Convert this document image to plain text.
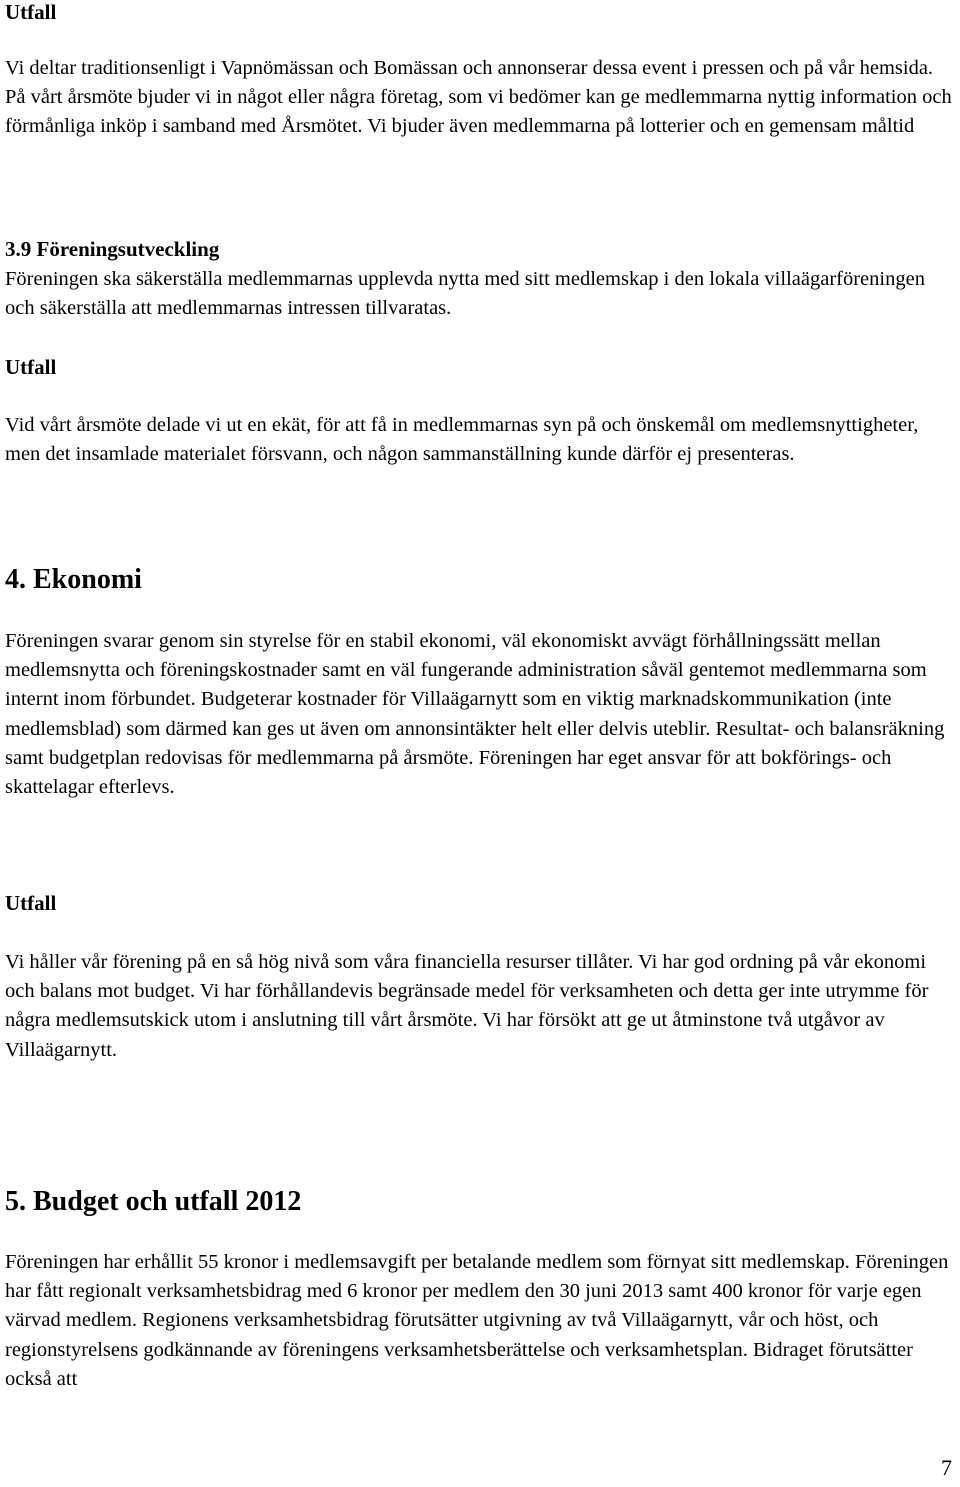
Utfall

Vi deltar traditionsenligt i Vapnömässan och Bomässan och annonserar dessa event i pressen och på vår hemsida. På vårt årsmöte bjuder vi in något eller några företag, som vi bedömer kan ge medlemmarna nyttig information och förmånliga inköp i samband med Årsmötet. Vi bjuder även medlemmarna på lotterier och en gemensam måltid

3.9 Föreningsutveckling

Föreningen ska säkerställa medlemmarnas upplevda nytta med sitt medlemskap i den lokala villaägarföreningen och säkerställa att medlemmarnas intressen tillvaratas.

Utfall

Vid vårt årsmöte delade vi ut en ekät, för att få in medlemmarnas syn på och önskemål om medlemsnyttigheter, men det insamlade materialet försvann, och någon sammanställning kunde därför ej presenteras.

4. Ekonomi

Föreningen svarar genom sin styrelse för en stabil ekonomi, väl ekonomiskt avvägt förhållningssätt mellan medlemsnytta och föreningskostnader samt en väl fungerande administration såväl gentemot medlemmarna som internt inom förbundet. Budgeterar kostnader för Villaägarnytt som en viktig marknadskommunikation (inte medlemsblad) som därmed kan ges ut även om annonsintäkter helt eller delvis uteblir. Resultat- och balansräkning samt budgetplan redovisas för medlemmarna på årsmöte. Föreningen har eget ansvar för att bokförings- och skattelagar efterlevs.

Utfall

Vi håller vår förening på en så hög nivå som våra financiella resurser tillåter. Vi har god ordning på vår ekonomi och balans mot budget. Vi har förhållandevis begränsade medel för verksamheten och detta ger inte utrymme för några medlemsutskick utom i anslutning till vårt årsmöte. Vi har försökt att ge ut åtminstone två utgåvor av Villaägarnytt.

5. Budget och utfall 2012

Föreningen har erhållit 55 kronor i medlemsavgift per betalande medlem som förnyat sitt medlemskap. Föreningen har fått regionalt verksamhetsbidrag med 6 kronor per medlem den 30 juni 2013 samt 400 kronor för varje egen värvad medlem. Regionens verksamhetsbidrag förutsätter utgivning av två Villaägarnytt, vår och höst, och regionstyrelsens godkännande av föreningens verksamhetsberättelse och verksamhetsplan. Bidraget förutsätter också att

7
